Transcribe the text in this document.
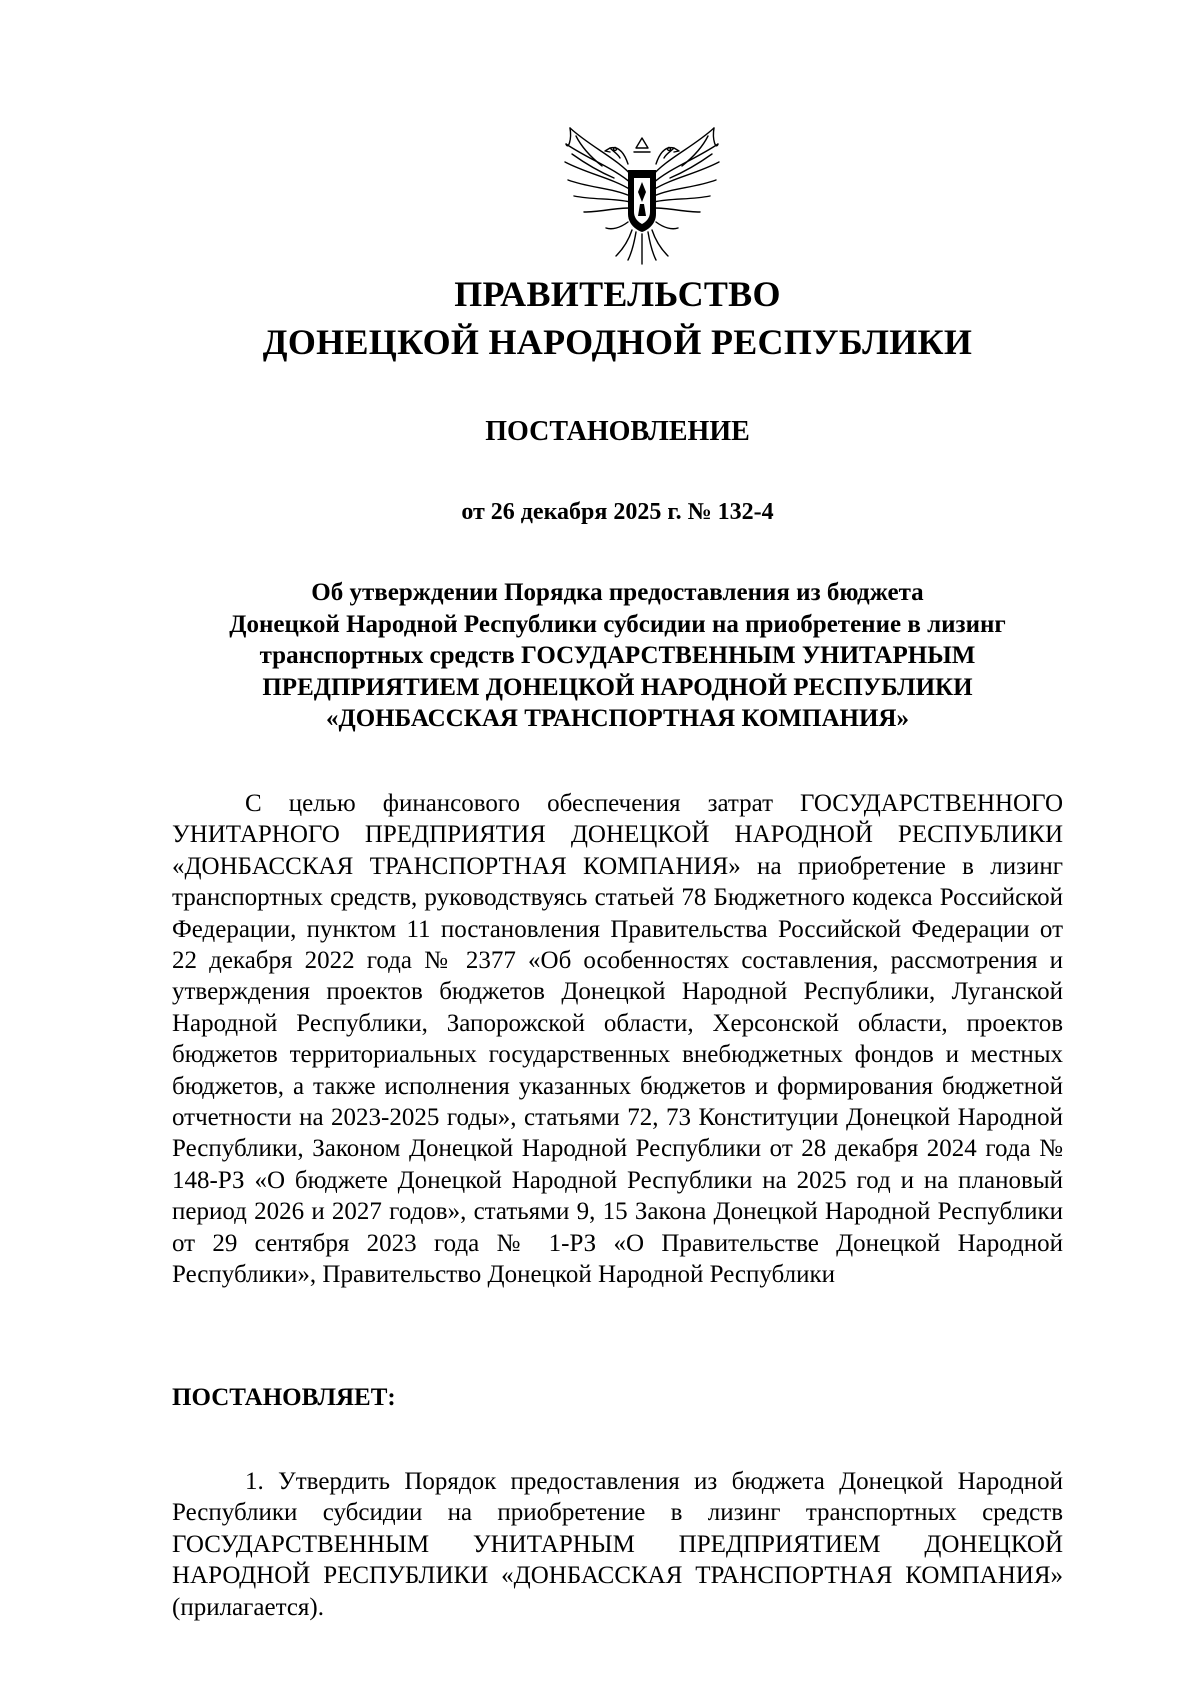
ПРАВИТЕЛЬСТВО
ДОНЕЦКОЙ НАРОДНОЙ РЕСПУБЛИКИ
ПОСТАНОВЛЕНИЕ
от 26 декабря 2025 г. № 132-4
Об утверждении Порядка предоставления из бюджета
Донецкой Народной Республики субсидии на приобретение в лизинг
транспортных средств ГОСУДАРСТВЕННЫМ УНИТАРНЫМ
ПРЕДПРИЯТИЕМ ДОНЕЦКОЙ НАРОДНОЙ РЕСПУБЛИКИ
«ДОНБАССКАЯ ТРАНСПОРТНАЯ КОМПАНИЯ»

С целью финансового обеспечения затрат ГОСУДАРСТВЕННОГО УНИТАРНОГО ПРЕДПРИЯТИЯ ДОНЕЦКОЙ НАРОДНОЙ РЕСПУБЛИКИ «ДОНБАССКАЯ ТРАНСПОРТНАЯ КОМПАНИЯ» на приобретение в лизинг транспортных средств, руководствуясь статьей 78 Бюджетного кодекса Российской Федерации, пунктом 11 постановления Правительства Российской Федерации от 22 декабря 2022 года № 2377 «Об особенностях составления, рассмотрения и утверждения проектов бюджетов Донецкой Народной Республики, Луганской Народной Республики, Запорожской области, Херсонской области, проектов бюджетов территориальных государственных внебюджетных фондов и местных бюджетов, а также исполнения указанных бюджетов и формирования бюджетной отчетности на 2023-2025 годы», статьями 72, 73 Конституции Донецкой Народной Республики, Законом Донецкой Народной Республики от 28 декабря 2024 года № 148-РЗ «О бюджете Донецкой Народной Республики на 2025 год и на плановый период 2026 и 2027 годов», статьями 9, 15 Закона Донецкой Народной Республики от 29 сентября 2023 года № 1-РЗ «О Правительстве Донецкой Народной Республики», Правительство Донецкой Народной Республики

ПОСТАНОВЛЯЕТ:

1. Утвердить Порядок предоставления из бюджета Донецкой Народной Республики субсидии на приобретение в лизинг транспортных средств ГОСУДАРСТВЕННЫМ УНИТАРНЫМ ПРЕДПРИЯТИЕМ ДОНЕЦКОЙ НАРОДНОЙ РЕСПУБЛИКИ «ДОНБАССКАЯ ТРАНСПОРТНАЯ КОМПАНИЯ» (прилагается).
